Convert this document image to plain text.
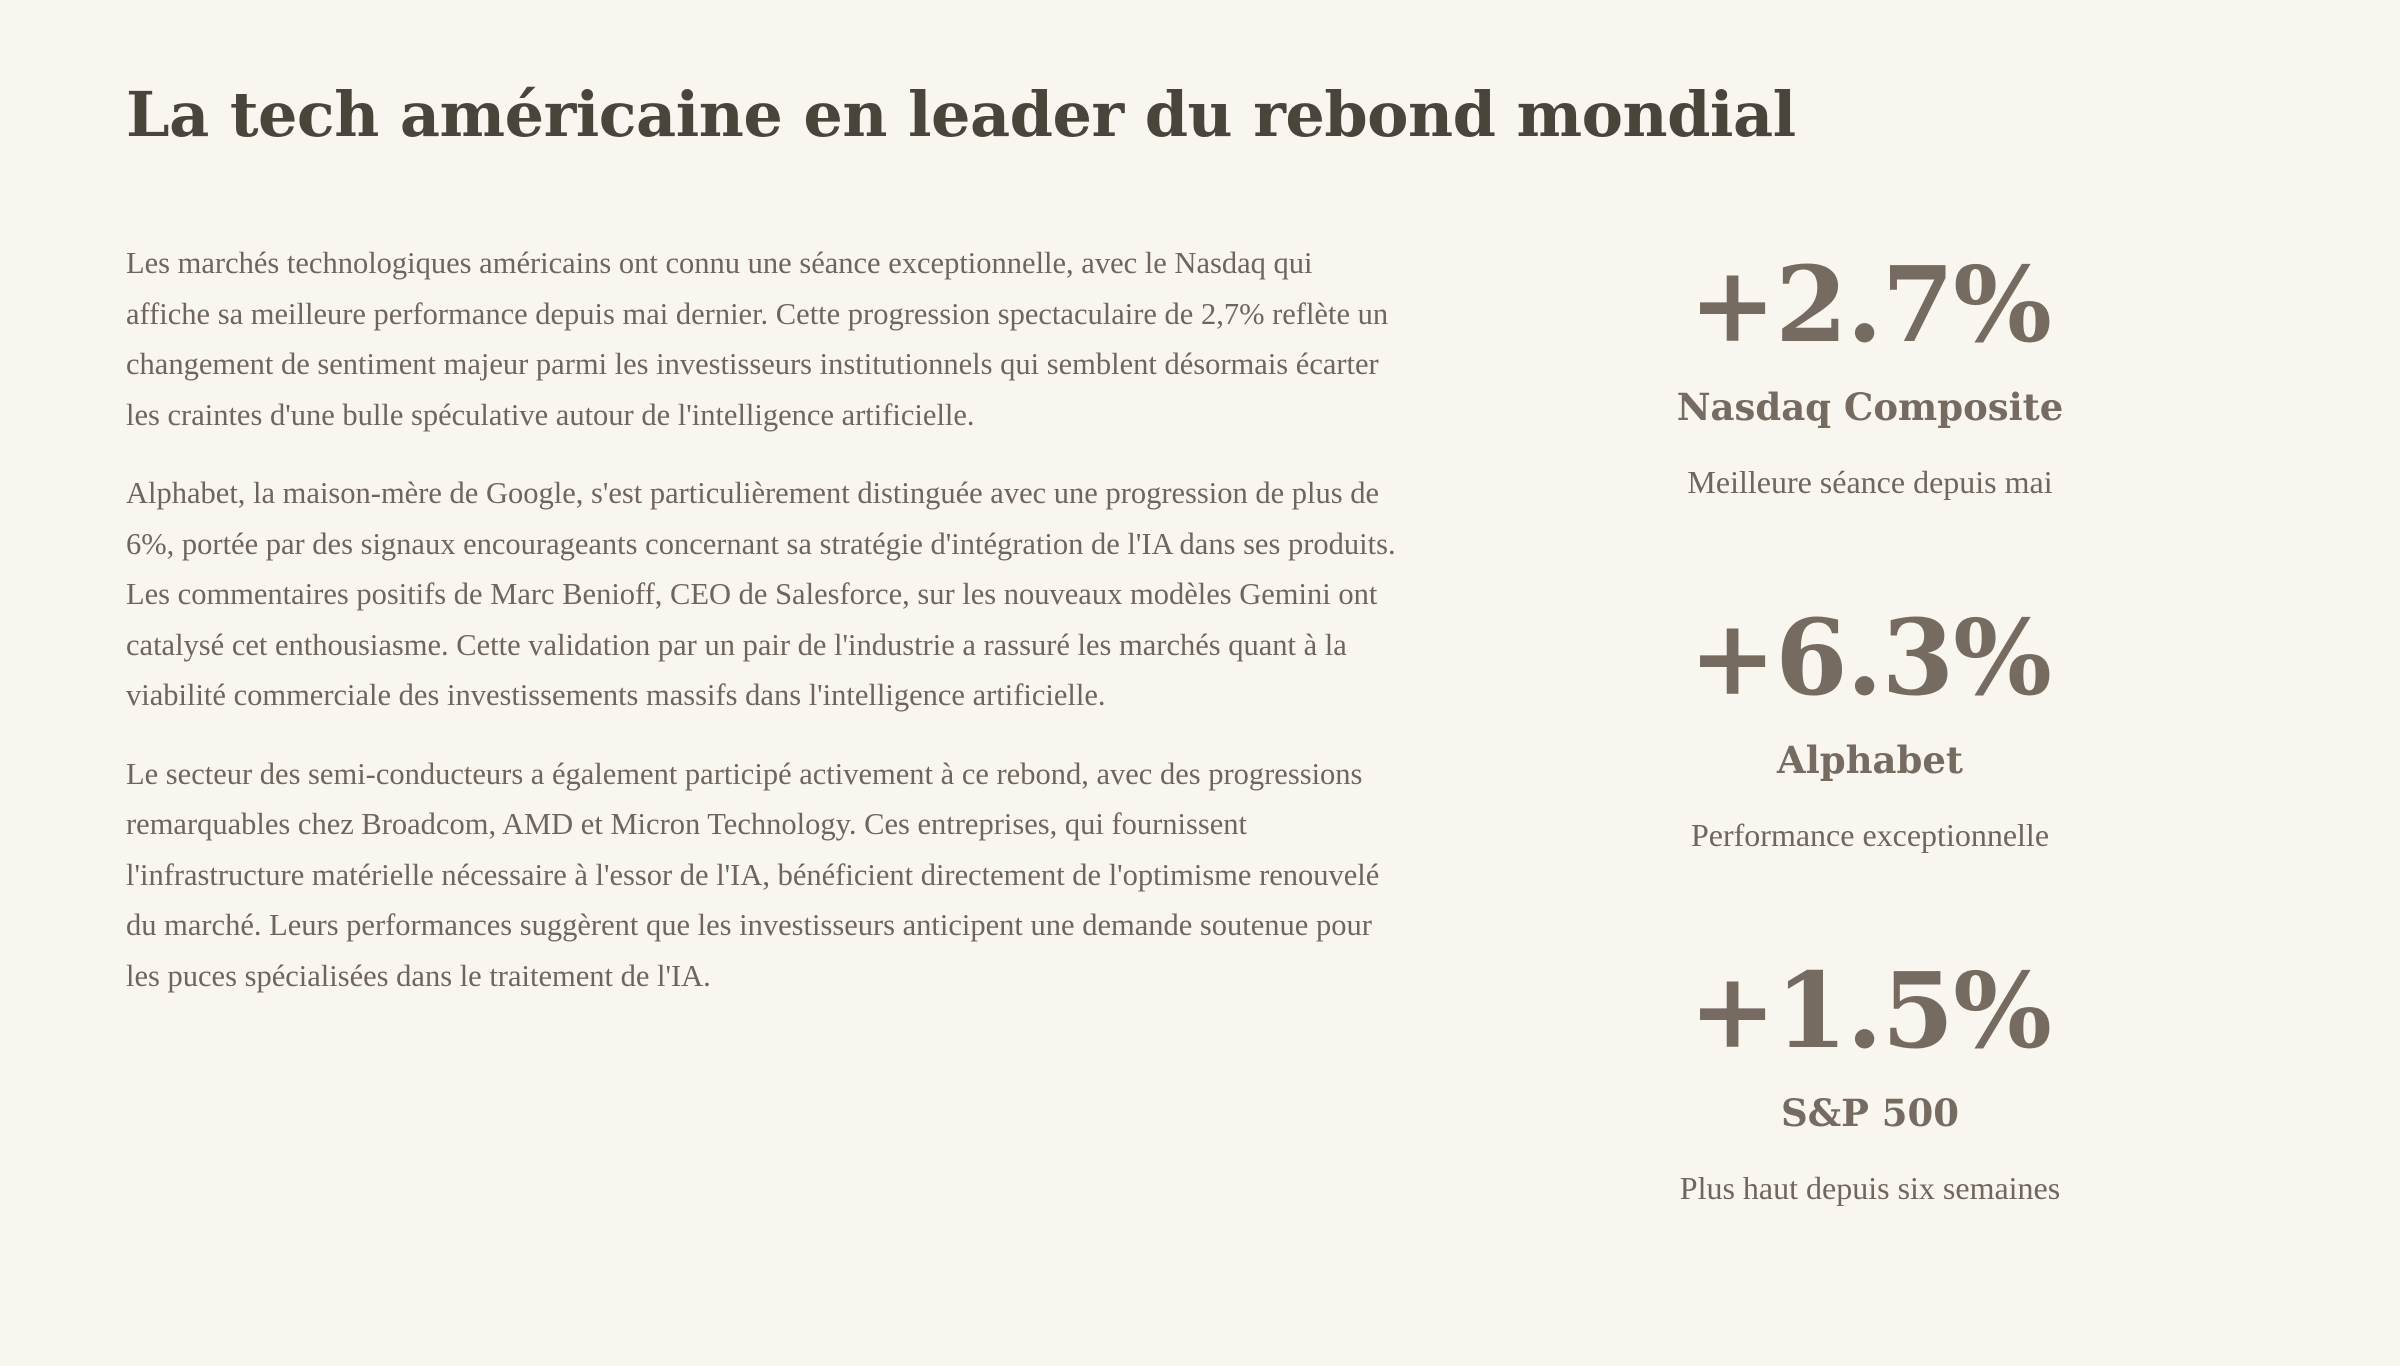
La tech américaine en leader du rebond mondial

Les marchés technologiques américains ont connu une séance exceptionnelle, avec le Nasdaq qui affiche sa meilleure performance depuis mai dernier. Cette progression spectaculaire de 2,7% reflète un changement de sentiment majeur parmi les investisseurs institutionnels qui semblent désormais écarter les craintes d'une bulle spéculative autour de l'intelligence artificielle.

Alphabet, la maison-mère de Google, s'est particulièrement distinguée avec une progression de plus de 6%, portée par des signaux encourageants concernant sa stratégie d'intégration de l'IA dans ses produits. Les commentaires positifs de Marc Benioff, CEO de Salesforce, sur les nouveaux modèles Gemini ont catalysé cet enthousiasme. Cette validation par un pair de l'industrie a rassuré les marchés quant à la viabilité commerciale des investissements massifs dans l'intelligence artificielle.

Le secteur des semi-conducteurs a également participé activement à ce rebond, avec des progressions remarquables chez Broadcom, AMD et Micron Technology. Ces entreprises, qui fournissent l'infrastructure matérielle nécessaire à l'essor de l'IA, bénéficient directement de l'optimisme renouvelé du marché. Leurs performances suggèrent que les investisseurs anticipent une demande soutenue pour les puces spécialisées dans le traitement de l'IA.

+2.7%
Nasdaq Composite
Meilleure séance depuis mai
+6.3%
Alphabet
Performance exceptionnelle
+1.5%
S&P 500
Plus haut depuis six semaines
